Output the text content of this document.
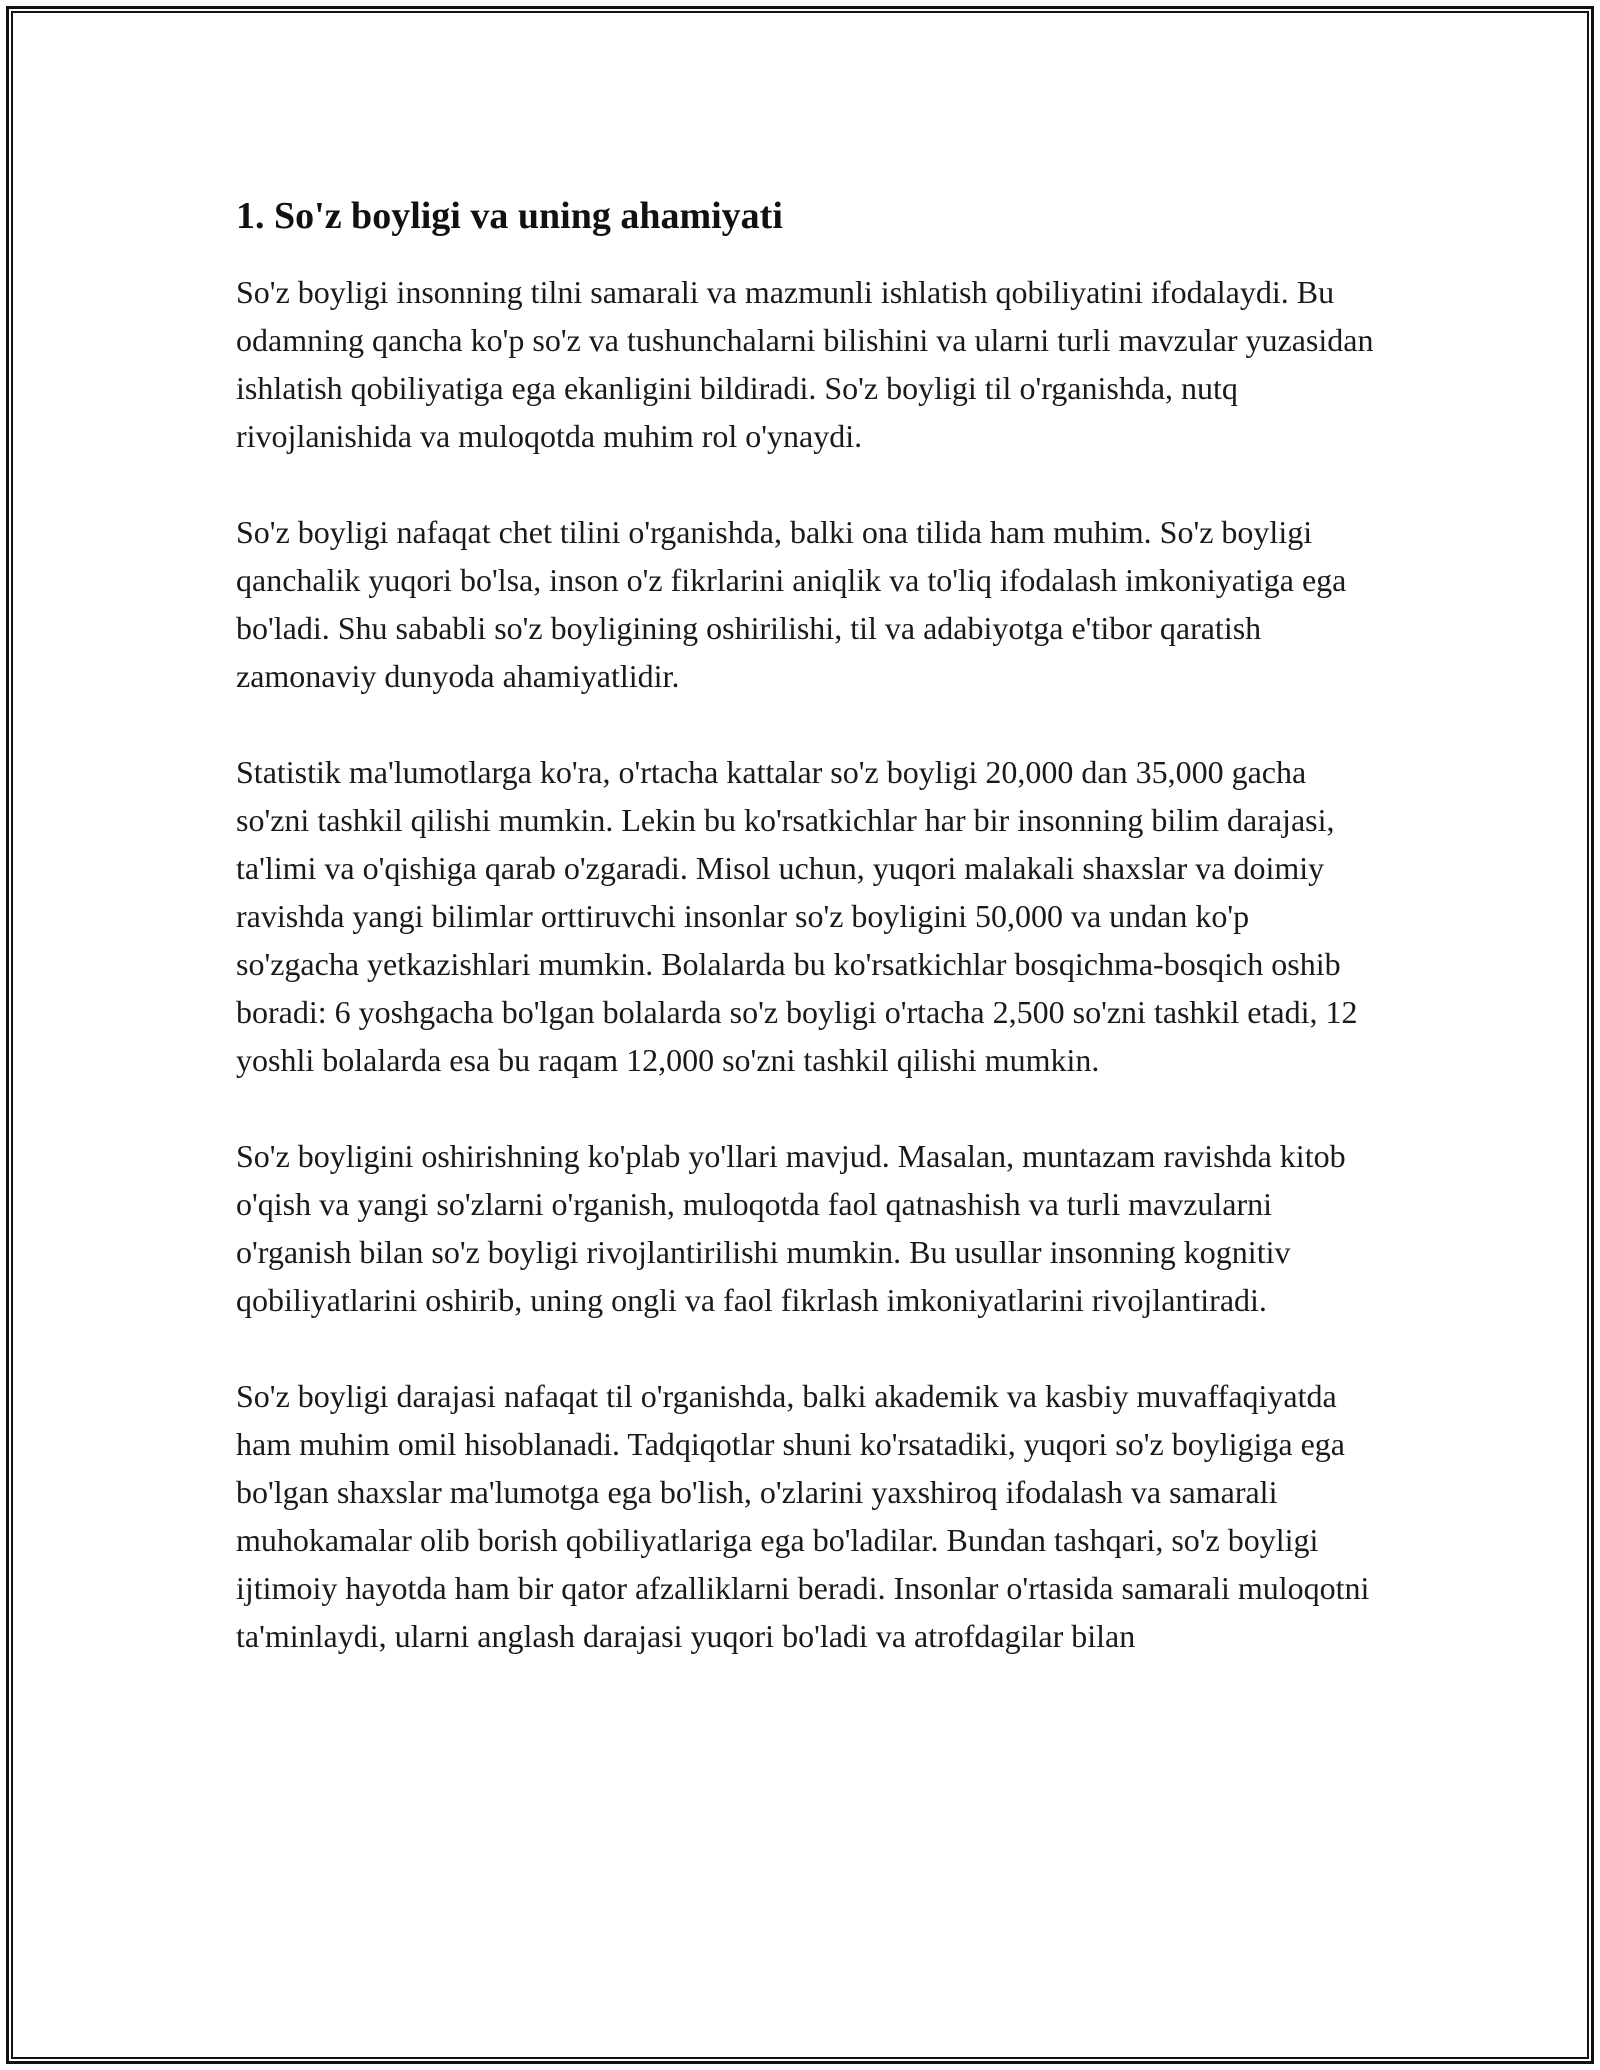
1. So'z boyligi va uning ahamiyati

So'z boyligi insonning tilni samarali va mazmunli ishlatish qobiliyatini ifodalaydi. Bu odamning qancha ko'p so'z va tushunchalarni bilishini va ularni turli mavzular yuzasidan ishlatish qobiliyatiga ega ekanligini bildiradi. So'z boyligi til o'rganishda, nutq rivojlanishida va muloqotda muhim rol o'ynaydi.

So'z boyligi nafaqat chet tilini o'rganishda, balki ona tilida ham muhim. So'z boyligi qanchalik yuqori bo'lsa, inson o'z fikrlarini aniqlik va to'liq ifodalash imkoniyatiga ega bo'ladi. Shu sababli so'z boyligining oshirilishi, til va adabiyotga e'tibor qaratish zamonaviy dunyoda ahamiyatlidir.

Statistik ma'lumotlarga ko'ra, o'rtacha kattalar so'z boyligi 20,000 dan 35,000 gacha so'zni tashkil qilishi mumkin. Lekin bu ko'rsatkichlar har bir insonning bilim darajasi, ta'limi va o'qishiga qarab o'zgaradi. Misol uchun, yuqori malakali shaxslar va doimiy ravishda yangi bilimlar orttiruvchi insonlar so'z boyligini 50,000 va undan ko'p so'zgacha yetkazishlari mumkin. Bolalarda bu ko'rsatkichlar bosqichma-bosqich oshib boradi: 6 yoshgacha bo'lgan bolalarda so'z boyligi o'rtacha 2,500 so'zni tashkil etadi, 12 yoshli bolalarda esa bu raqam 12,000 so'zni tashkil qilishi mumkin.

So'z boyligini oshirishning ko'plab yo'llari mavjud. Masalan, muntazam ravishda kitob o'qish va yangi so'zlarni o'rganish, muloqotda faol qatnashish va turli mavzularni o'rganish bilan so'z boyligi rivojlantirilishi mumkin. Bu usullar insonning kognitiv qobiliyatlarini oshirib, uning ongli va faol fikrlash imkoniyatlarini rivojlantiradi.

So'z boyligi darajasi nafaqat til o'rganishda, balki akademik va kasbiy muvaffaqiyatda ham muhim omil hisoblanadi. Tadqiqotlar shuni ko'rsatadiki, yuqori so'z boyligiga ega bo'lgan shaxslar ma'lumotga ega bo'lish, o'zlarini yaxshiroq ifodalash va samarali muhokamalar olib borish qobiliyatlariga ega bo'ladilar. Bundan tashqari, so'z boyligi ijtimoiy hayotda ham bir qator afzalliklarni beradi. Insonlar o'rtasida samarali muloqotni ta'minlaydi, ularni anglash darajasi yuqori bo'ladi va atrofdagilar bilan
